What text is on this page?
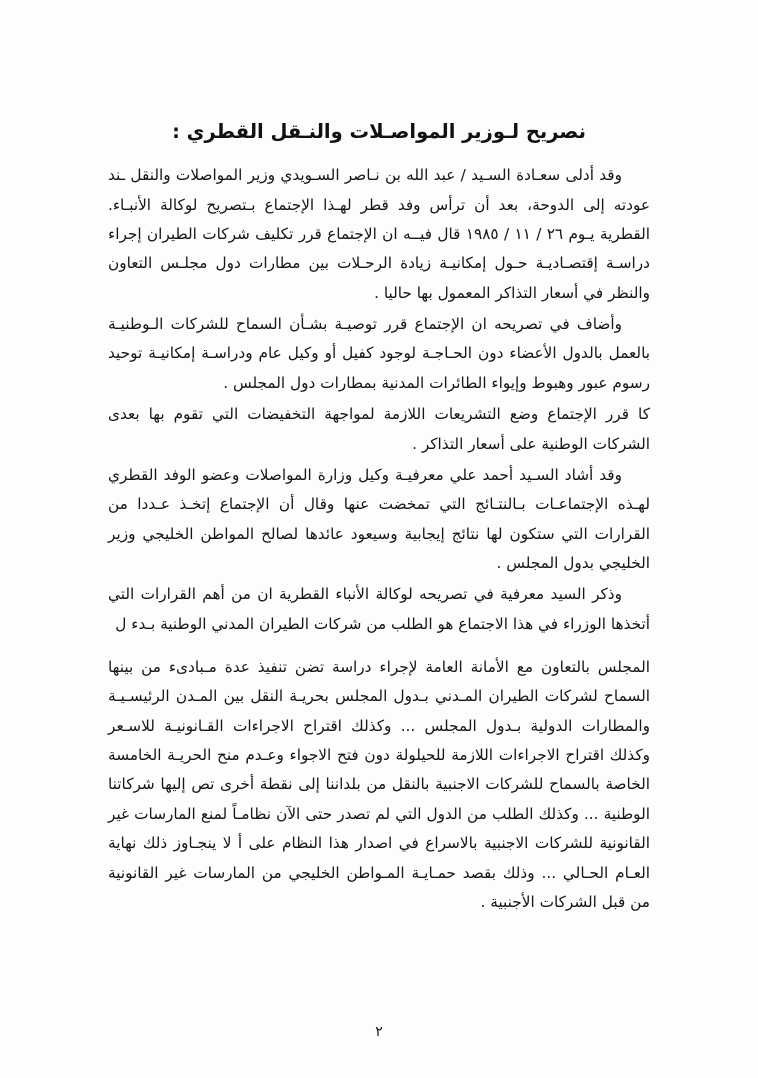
نصريح لـوزير المواصـلات والنـقل القطري :

وقد أدلى سعـادة السـيد / عبد الله بن نـاصر السـويدي وزير المواصلات والنقل ـند عودته إلى الدوحة، بعد أن ترأس وفد قطر لهـذا الإجتماع بـتصريح لوكالة الأنبـاء. القطرية يـوم ٢٦ / ١١ / ١٩٨٥ قال فيــه ان الإجتماع قرر تكليف شركات الطيران إجراء دراسـة إقتصـاديـة حـول إمكانيـة زيادة الرحـلات بين مطارات دول مجلـس التعاون والنظر في أسعار التذاكر المعمول بها حاليا .

وأضاف في تصريحه ان الإجتماع قرر توصيـة بشـأن السماح للشركات الـوطنيـة بالعمل بالدول الأعضاء دون الحـاجـة لوجود كفيل أو وكيل عام ودراسـة إمكانيـة توحيد رسوم عبور وهبوط وإيواء الطائرات المدنية بمطارات دول المجلس .

كا قرر الإجتماع وضع التشريعات اللازمة لمواجهة التخفيضات التي تقوم بها بعدى الشركات الوطنية على أسعار التذاكر .

وقد أشاد السـيد أحمد علي معرفيـة وكيل وزارة المواصلات وعضو الوفد القطري لهـذه الإجتماعـات بـالنتـائج التي تمخضت عنها وقال أن الإجتماع إتخـذ عـددا من القرارات التي ستكون لها نتائج إيجابية وسيعود عائدها لصالح المواطن الخليجي وزير الخليجي بدول المجلس .

وذكر السيد معرفية في تصريحه لوكالة الأنباء القطرية ان من أهم القرارات التي أتخذها الوزراء في هذا الاجتماع هو الطلب من شركات الطيران المدني الوطنية بـدء ل

المجلس بالتعاون مع الأمانة العامة لإجراء دراسة تضن تنفيذ عدة مـبادىء من بينها السماح لشركات الطيران المـدني بـدول المجلس بحريـة النقل بين المـدن الرئيسـيـة والمطارات الدولية بـدول المجلس ... وكذلك اقتراح الاجراءات القـانونيـة للاسـعر وكذلك اقتراح الاجراءات اللازمة للحيلولة دون فتح الاجواء وعـدم منح الحريـة الخامسة الخاصة بالسماح للشركات الاجنبية بالنقل من بلداننا إلى نقطة أخرى تص إليها شركاتنا الوطنية ... وكذلك الطلب من الدول التي لم تصدر حتى الآن نظامـاً لمنع المارسات غير القانونية للشركات الاجنبية بالاسراع في اصدار هذا النظام على أ لا ينجـاوز ذلك نهاية العـام الحـالي ... وذلك بقصد حمـايـة المـواطن الخليجي من المارسات غير القانونية من قبل الشركات الأجنبية .

٢
